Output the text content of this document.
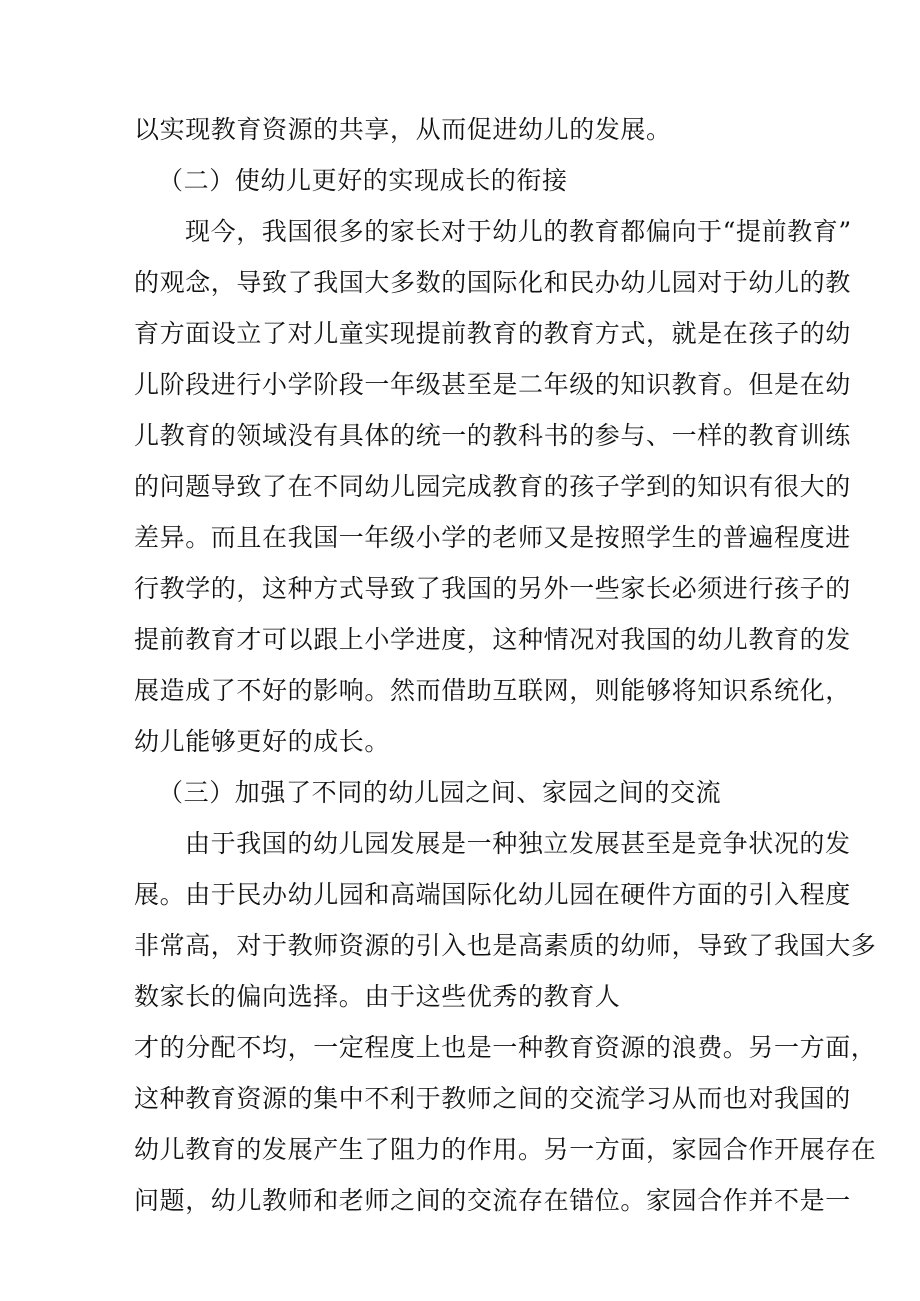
以实现教育资源的共享，从而促进幼儿的发展。
（二）使幼儿更好的实现成长的衔接
现今，我国很多的家长对于幼儿的教育都偏向于“提前教育”
的观念，导致了我国大多数的国际化和民办幼儿园对于幼儿的教
育方面设立了对儿童实现提前教育的教育方式，就是在孩子的幼
儿阶段进行小学阶段一年级甚至是二年级的知识教育。但是在幼
儿教育的领域没有具体的统一的教科书的参与、一样的教育训练
的问题导致了在不同幼儿园完成教育的孩子学到的知识有很大的
差异。而且在我国一年级小学的老师又是按照学生的普遍程度进
行教学的，这种方式导致了我国的另外一些家长必须进行孩子的
提前教育才可以跟上小学进度，这种情况对我国的幼儿教育的发
展造成了不好的影响。然而借助互联网，则能够将知识系统化，
幼儿能够更好的成长。
（三）加强了不同的幼儿园之间、家园之间的交流
由于我国的幼儿园发展是一种独立发展甚至是竞争状况的发
展。由于民办幼儿园和高端国际化幼儿园在硬件方面的引入程度
非常高，对于教师资源的引入也是高素质的幼师，导致了我国大多
数家长的偏向选择。由于这些优秀的教育人
才的分配不均，一定程度上也是一种教育资源的浪费。另一方面，
这种教育资源的集中不利于教师之间的交流学习从而也对我国的
幼儿教育的发展产生了阻力的作用。另一方面，家园合作开展存在
问题，幼儿教师和老师之间的交流存在错位。家园合作并不是一
